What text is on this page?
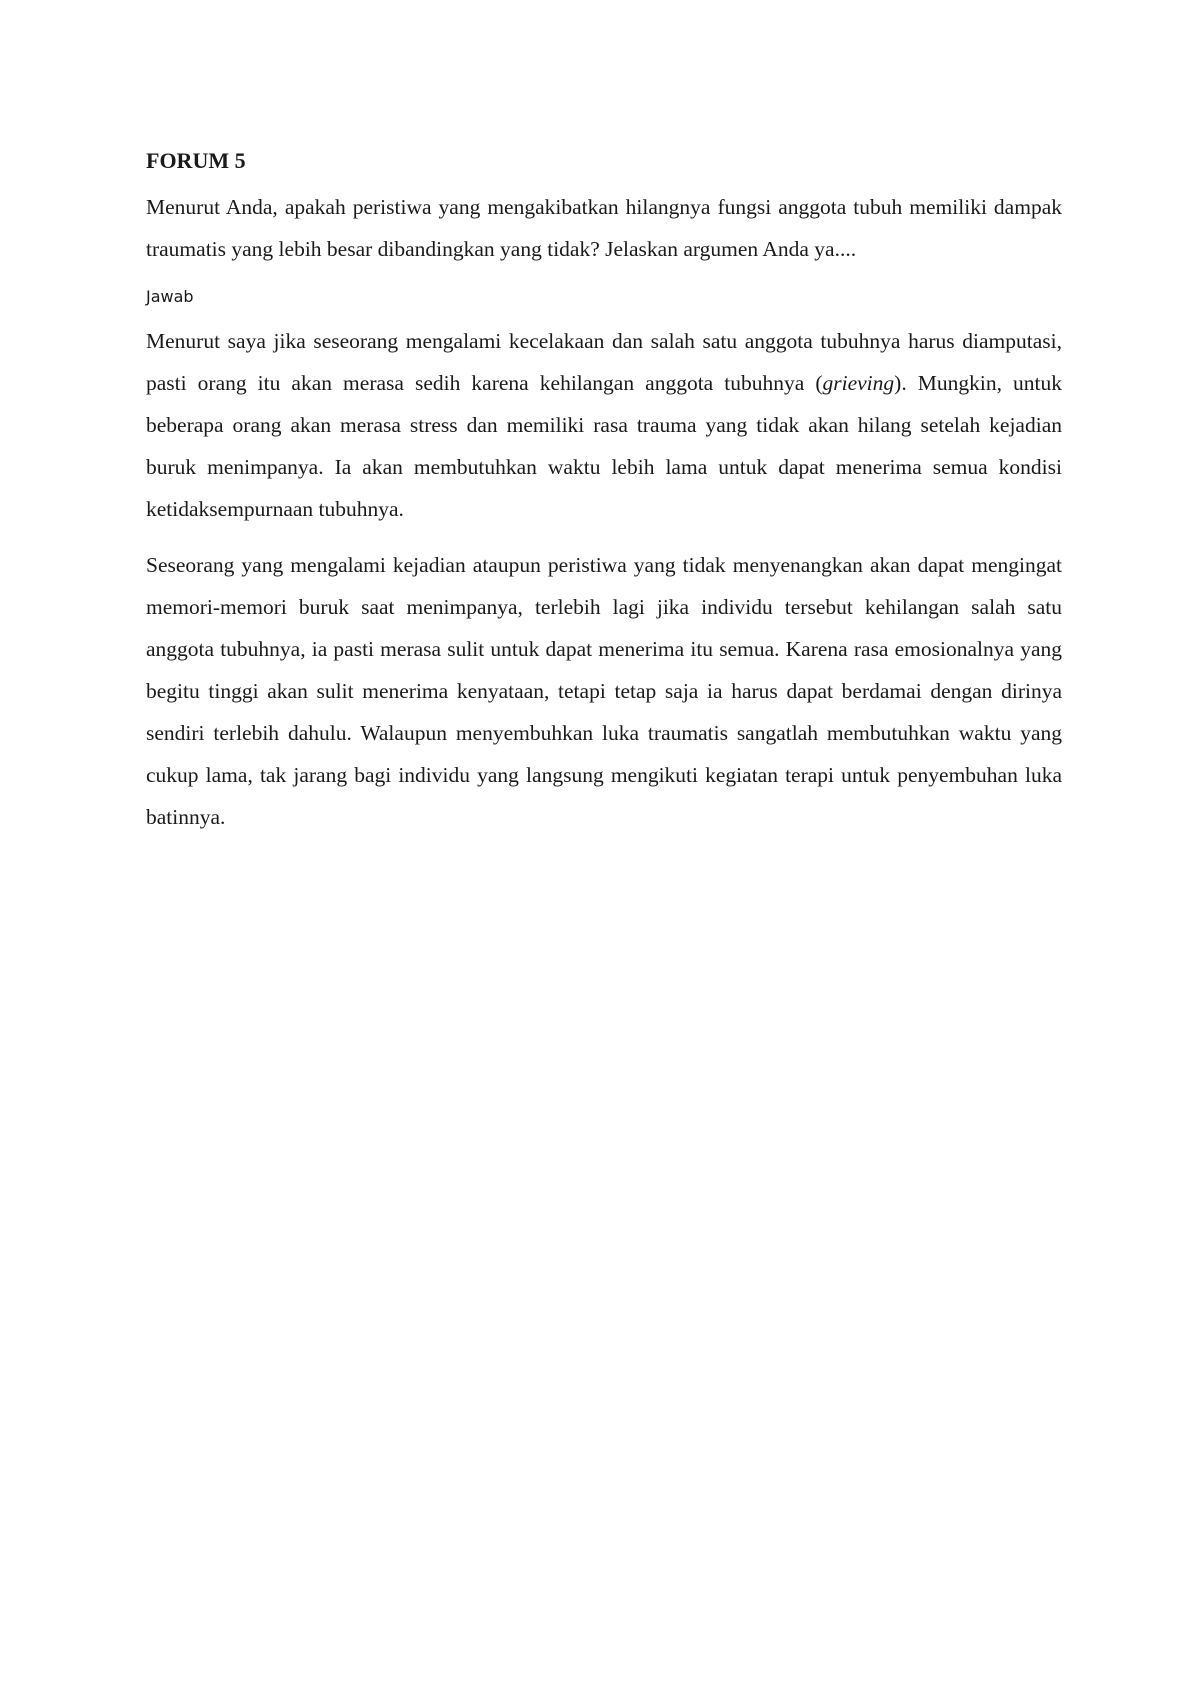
FORUM 5

Menurut Anda, apakah peristiwa yang mengakibatkan hilangnya fungsi anggota tubuh memiliki dampak traumatis yang lebih besar dibandingkan yang tidak? Jelaskan argumen Anda ya....

Jawab

Menurut saya jika seseorang mengalami kecelakaan dan salah satu anggota tubuhnya harus diamputasi, pasti orang itu akan merasa sedih karena kehilangan anggota tubuhnya (grieving). Mungkin, untuk beberapa orang akan merasa stress dan memiliki rasa trauma yang tidak akan hilang setelah kejadian buruk menimpanya. Ia akan membutuhkan waktu lebih lama untuk dapat menerima semua kondisi ketidaksempurnaan tubuhnya.

Seseorang yang mengalami kejadian ataupun peristiwa yang tidak menyenangkan akan dapat mengingat memori-memori buruk saat menimpanya, terlebih lagi jika individu tersebut kehilangan salah satu anggota tubuhnya, ia pasti merasa sulit untuk dapat menerima itu semua. Karena rasa emosionalnya yang begitu tinggi akan sulit menerima kenyataan, tetapi tetap saja ia harus dapat berdamai dengan dirinya sendiri terlebih dahulu. Walaupun menyembuhkan luka traumatis sangatlah membutuhkan waktu yang cukup lama, tak jarang bagi individu yang langsung mengikuti kegiatan terapi untuk penyembuhan luka batinnya.
